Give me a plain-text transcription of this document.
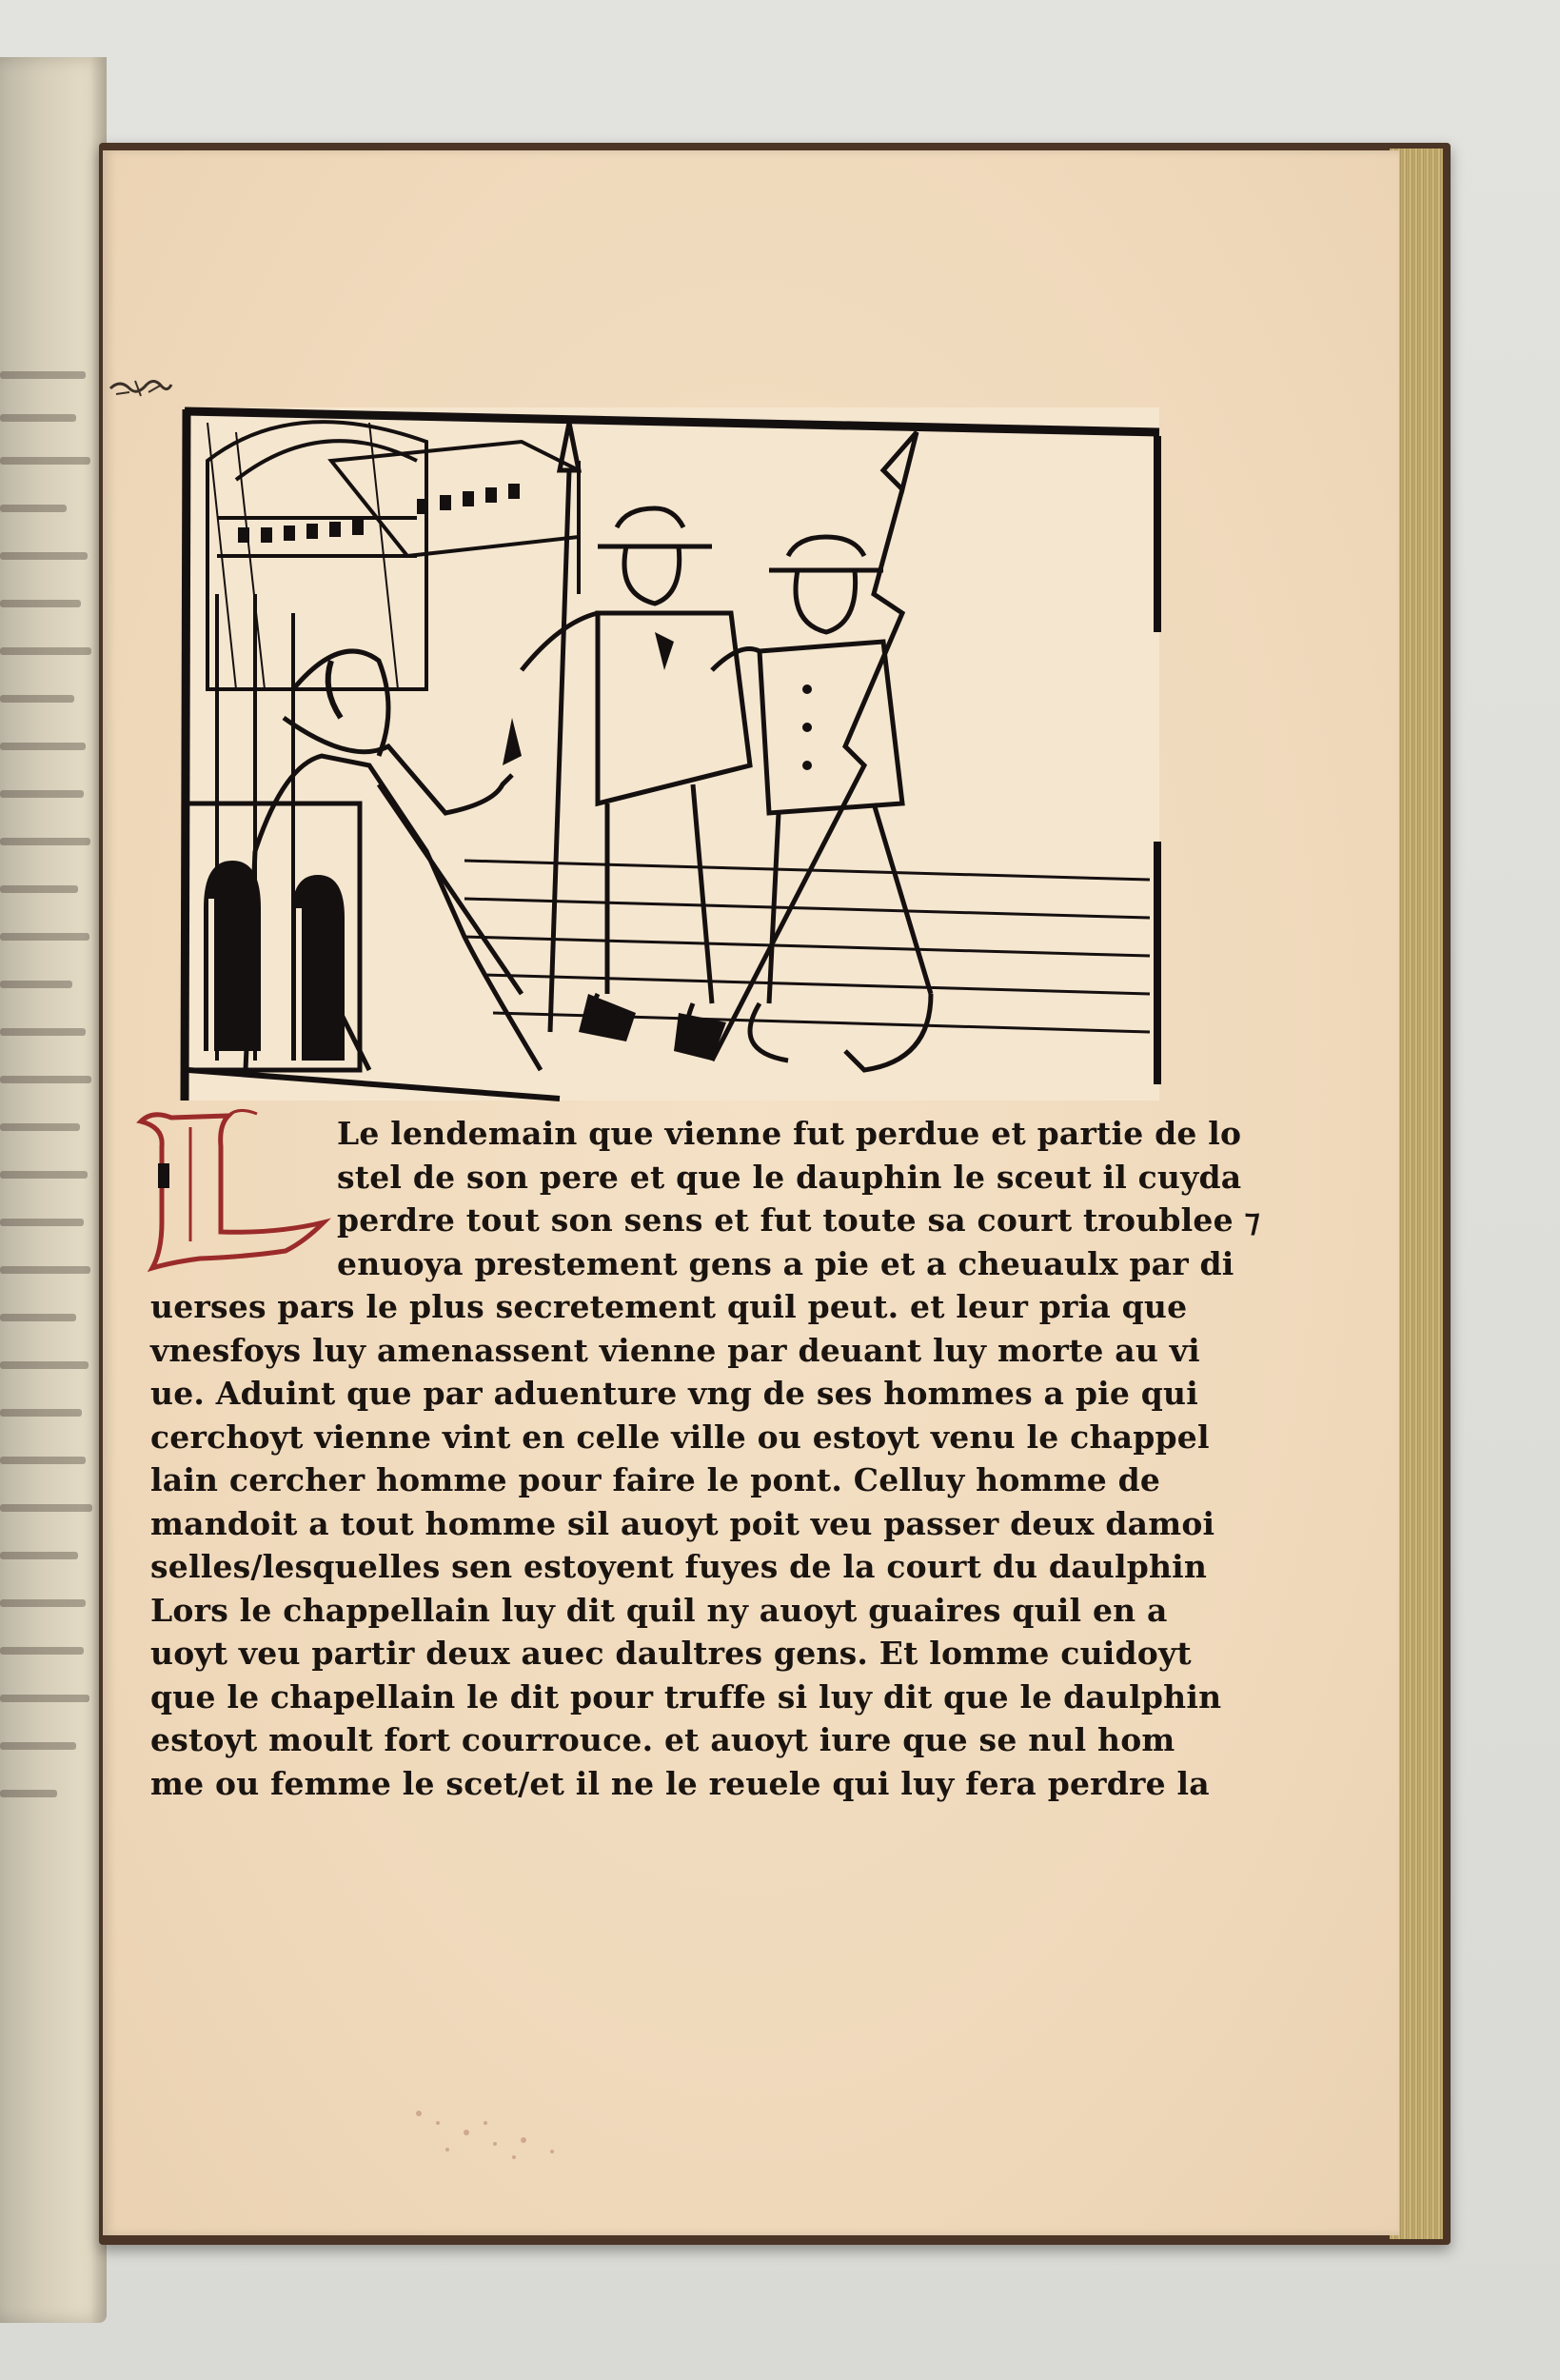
Le lendemain que vienne fut perdue et partie de lo
stel de son pere et que le dauphin le sceut il cuyda
perdre tout son sens et fut toute sa court troublee ⁊
enuoya prestement gens a pie et a cheuaulx par di
uerses pars le plus secretement quil peut. et leur pria que
vnesfoys luy amenassent vienne par deuant luy morte au vi
ue. Aduint que par aduenture vng de ses hommes a pie qui
cerchoyt vienne vint en celle ville ou estoyt venu le chappel
lain cercher homme pour faire le pont. Celluy homme de
mandoit a tout homme sil auoyt poit veu passer deux damoi
selles/lesquelles sen estoyent fuyes de la court du daulphin
Lors le chappellain luy dit quil ny auoyt guaires quil en a
uoyt veu partir deux auec daultres gens. Et lomme cuidoyt
que le chapellain le dit pour truffe si luy dit que le daulphin
estoyt moult fort courrouce. et auoyt iure que se nul hom
me ou femme le scet/et il ne le reuele qui luy fera perdre la
